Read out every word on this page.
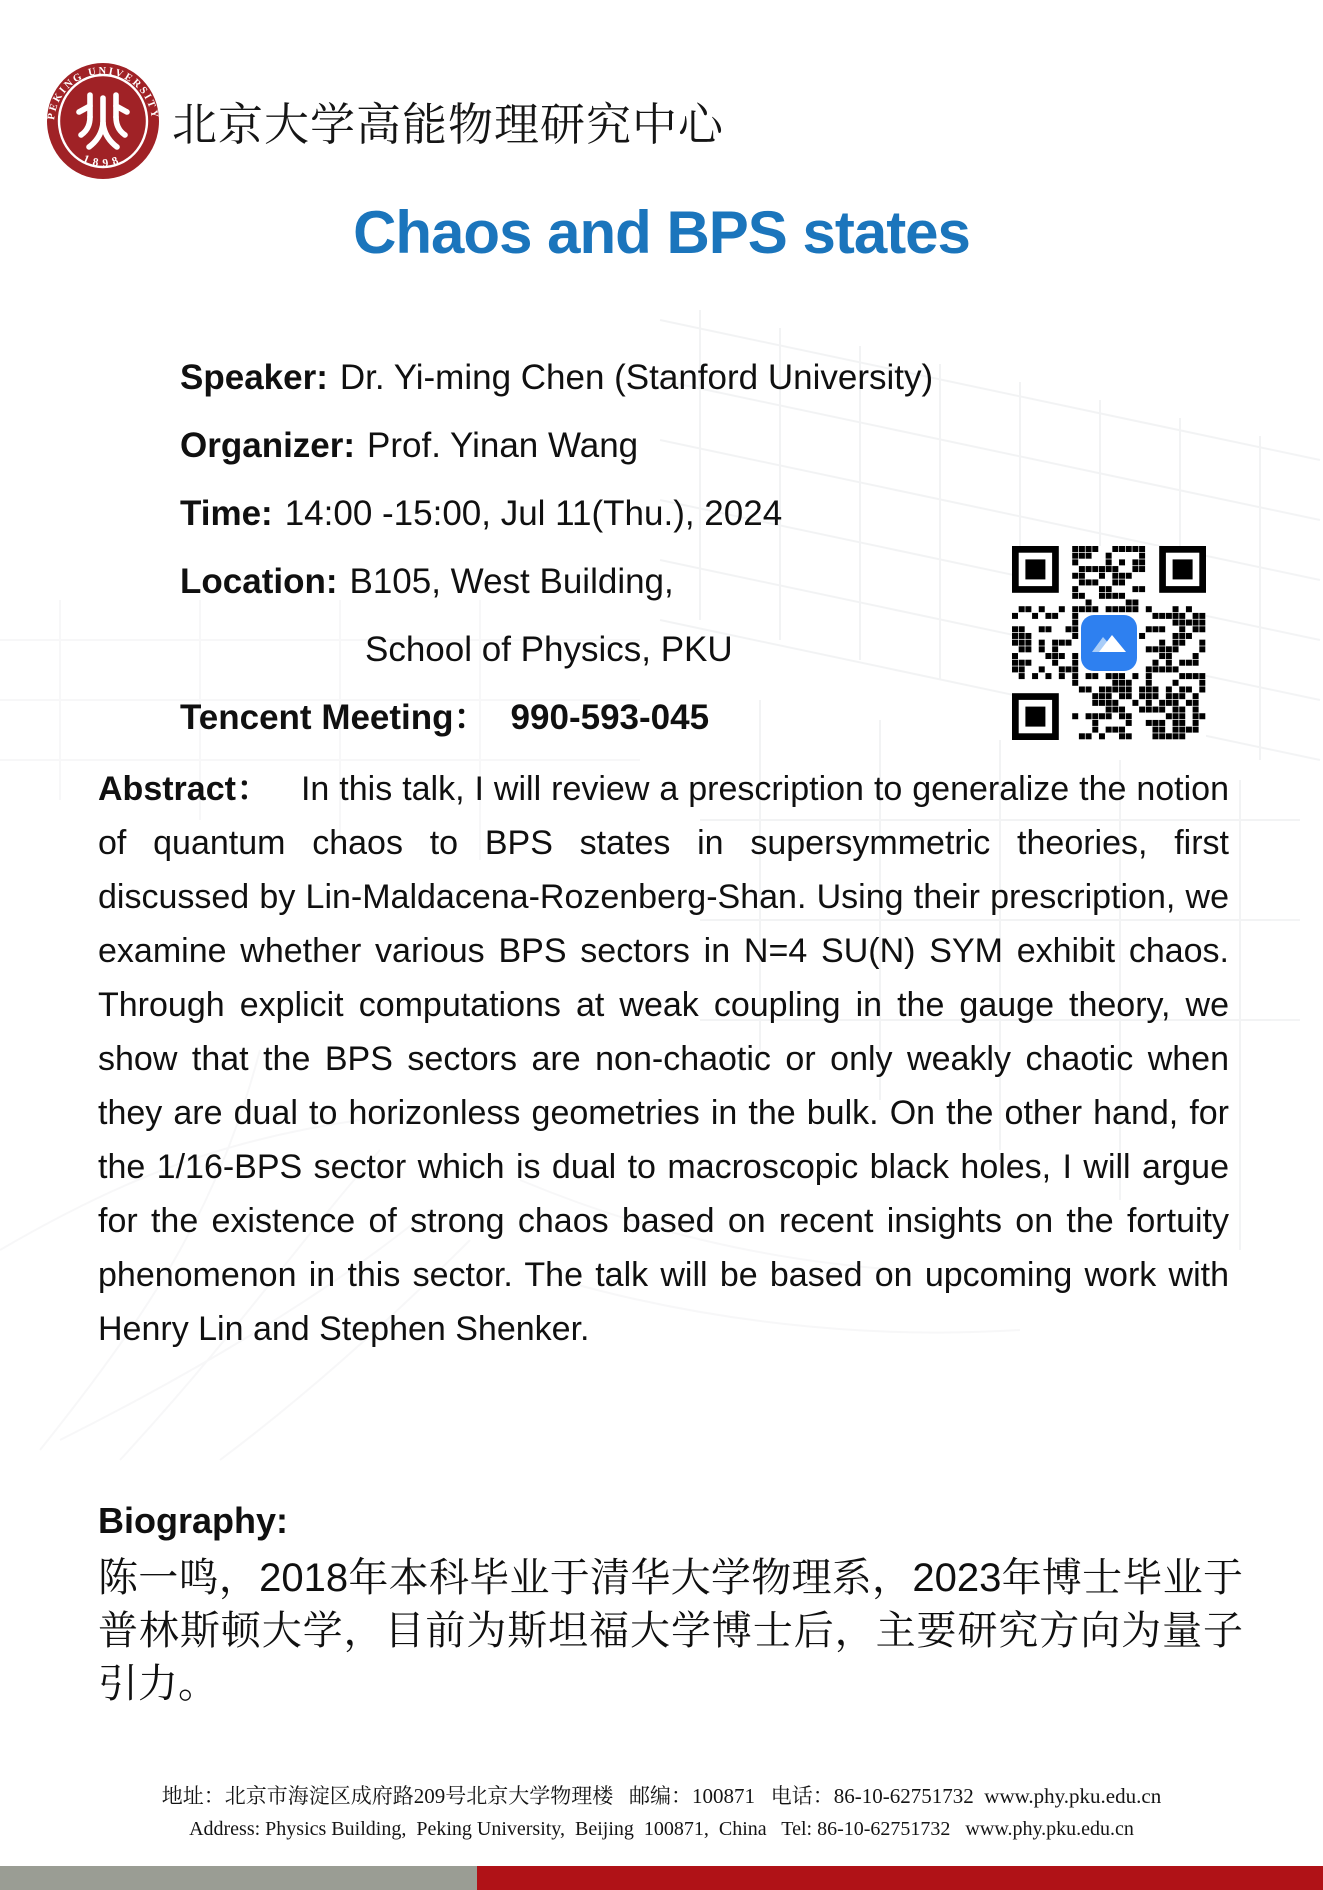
PEKING UNIVERSITY
1898
北京大学高能物理研究中心
Chaos and BPS states
Speaker: Dr. Yi-ming Chen (Stanford University)
Organizer: Prof. Yinan Wang
Time: 14:00 -15:00, Jul 11(Thu.), 2024
Location: B105, West Building,
School of Physics, PKU
Tencent Meeting： 990-593-045

Abstract： In this talk, I will review a prescription to generalize the notion of quantum chaos to BPS states in supersymmetric theories, first discussed by Lin-Maldacena-Rozenberg-Shan. Using their prescription, we examine whether various BPS sectors in N=4 SU(N) SYM exhibit chaos. Through explicit computations at weak coupling in the gauge theory, we show that the BPS sectors are non-chaotic or only weakly chaotic when they are dual to horizonless geometries in the bulk. On the other hand, for the 1/16-BPS sector which is dual to macroscopic black holes, I will argue for the existence of strong chaos based on recent insights on the fortuity phenomenon in this sector. The talk will be based on upcoming work with Henry Lin and Stephen Shenker.

Biography:

陈一鸣，2018年本科毕业于清华大学物理系，2023年博士毕业于普林斯顿大学，目前为斯坦福大学博士后，主要研究方向为量子引力。

地址：北京市海淀区成府路209号北京大学物理楼   邮编：100871   电话：86-10-62751732  www.phy.pku.edu.cn
Address: Physics Building,  Peking University,  Beijing  100871,  China   Tel: 86-10-62751732   www.phy.pku.edu.cn
